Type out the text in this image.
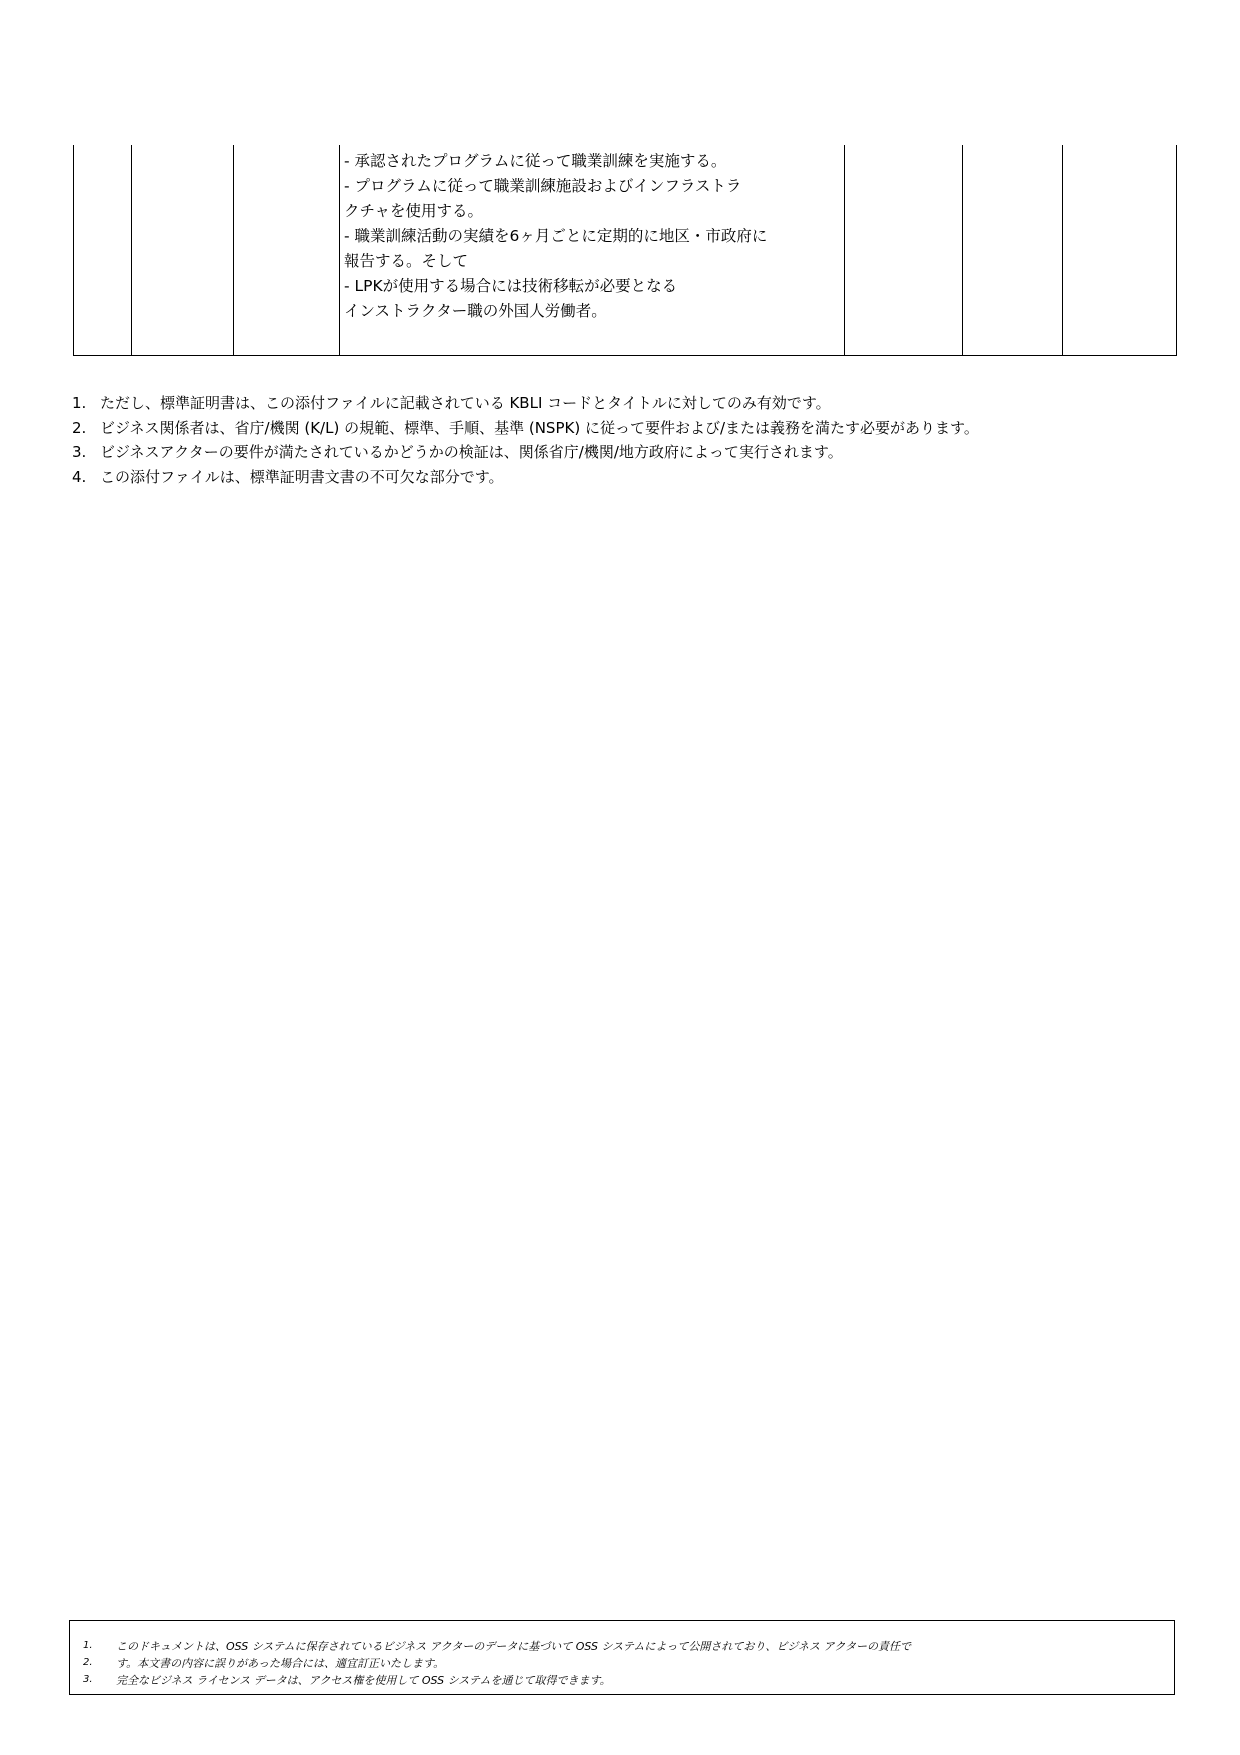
- 承認されたプログラムに従って職業訓練を実施する。
- プログラムに従って職業訓練施設およびインフラストラ
クチャを使用する。
- 職業訓練活動の実績を6ヶ月ごとに定期的に地区・市政府に
報告する。そして
- LPKが使用する場合には技術移転が必要となる
インストラクター職の外国人労働者。

1. ただし、標準証明書は、この添付ファイルに記載されている KBLI コードとタイトルに対してのみ有効です。
2. ビジネス関係者は、省庁/機関 (K/L) の規範、標準、手順、基準 (NSPK) に従って要件および/または義務を満たす必要があります。
3. ビジネスアクターの要件が満たされているかどうかの検証は、関係省庁/機関/地方政府によって実行されます。
4. この添付ファイルは、標準証明書文書の不可欠な部分です。
1. このドキュメントは、OSS システムに保存されているビジネス アクターのデータに基づいて OSS システムによって公開されており、ビジネス アクターの責任で
2. す。本文書の内容に誤りがあった場合には、適宜訂正いたします。
3. 完全なビジネス ライセンス データは、アクセス権を使用して OSS システムを通じて取得できます。
